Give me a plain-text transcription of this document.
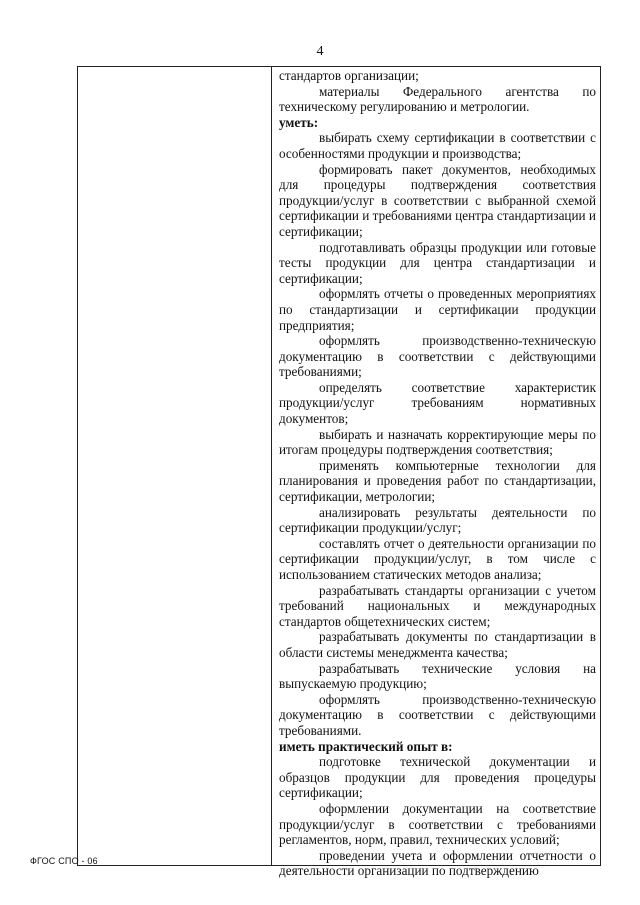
4

стандартов организации;

материалы Федерального агентства по техническому регулированию и метрологии.

уметь:

выбирать схему сертификации в соответствии с особенностями продукции и производства;

формировать пакет документов, необходимых для процедуры подтверждения соответствия продукции/услуг в соответствии с выбранной схемой сертификации и требованиями центра стандартизации и сертификации;

подготавливать образцы продукции или готовые тесты продукции для центра стандартизации и сертификации;

оформлять отчеты о проведенных мероприятиях по стандартизации и сертификации продукции предприятия;

оформлять производственно-техническую документацию в соответствии с действующими требованиями;

определять соответствие характеристик продукции/услуг требованиям нормативных документов;

выбирать и назначать корректирующие меры по итогам процедуры подтверждения соответствия;

применять компьютерные технологии для планирования и проведения работ по стандартизации, сертификации, метрологии;

анализировать результаты деятельности по сертификации продукции/услуг;

составлять отчет о деятельности организации по сертификации продукции/услуг, в том числе с использованием статических методов анализа;

разрабатывать стандарты организации с учетом требований национальных и международных стандартов общетехнических систем;

разрабатывать документы по стандартизации в области системы менеджмента качества;

разрабатывать технические условия на выпускаемую продукцию;

оформлять производственно-техническую документацию в соответствии с действующими требованиями.

иметь практический опыт в:

подготовке технической документации и образцов продукции для проведения процедуры сертификации;

оформлении документации на соответствие продукции/услуг в соответствии с требованиями регламентов, норм, правил, технических условий;

проведении учета и оформлении отчетности о деятельности организации по подтверждению

ФГОС СПО - 06
